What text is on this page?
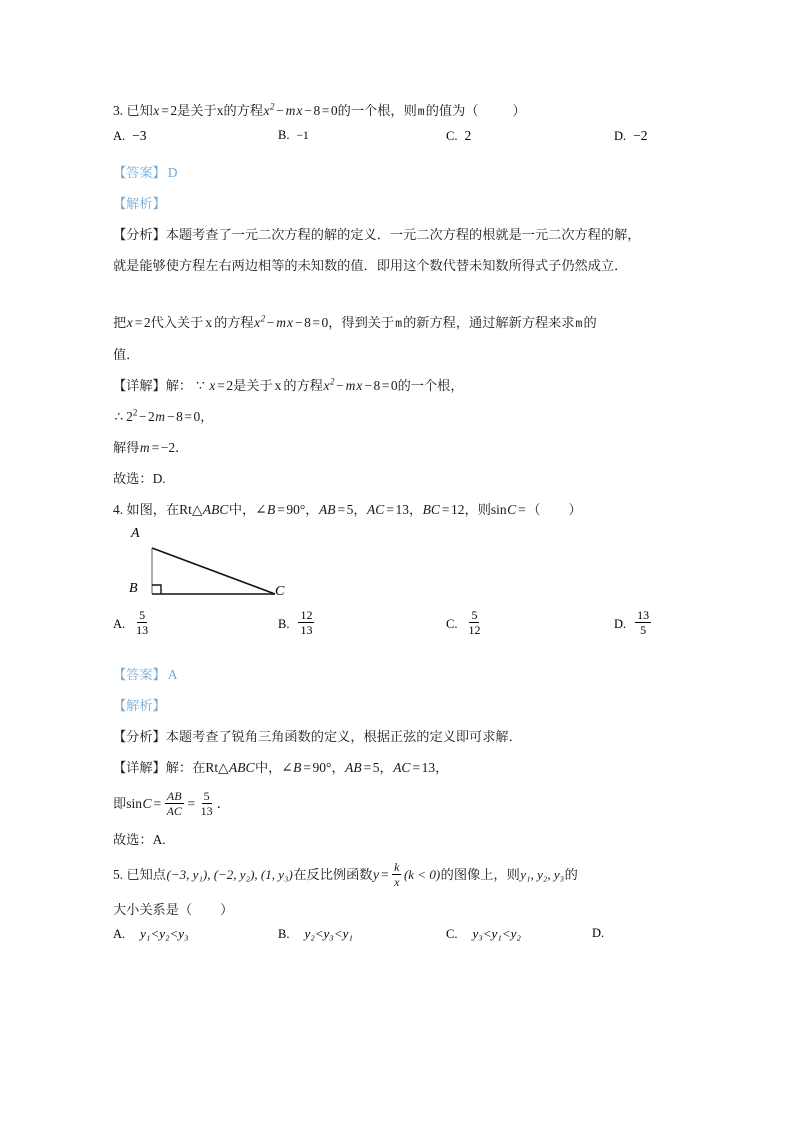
3. 已知x = 2是关于x的方程$x^2$ − mx − 8 = 0的一个根，则m的值为（	）
A. −3	B. −1	C. 2	D. −2
【答案】 D
【解析】
【分析】本题考查了一元二次方程的解的定义．一元二次方程的根就是一元二次方程的解，
就是能够使方程左右两边相等的未知数的值．即用这个数代替未知数所得式子仍然成立．
把x = 2代入关于 x 的方程$x^2$ − mx − 8 = 0，得到关于m的新方程，通过解新方程来求m的
值．
【详解】解： ∵ x = 2是关于 x 的方程$x^2$ − mx − 8 = 0的一个根，
∴ $2^2 - 2m - 8 = 0$，
解得m = −2．
故选：D.
4. 如图，在Rt△ABC中，∠B = 90°，AB = 5，AC = 13，BC = 12，则sinC = （ ）
A
B	C
A. $\frac{5}{13}$	B. $\frac{12}{13}$	C. $\frac{5}{12}$	D. $\frac{13}{5}$
【答案】 A
【解析】
【分析】本题考查了锐角三角函数的定义，根据正弦的定义即可求解．
【详解】解：在Rt△ABC中，∠B = 90°，AB = 5，AC = 13，
即$\sin C = \frac{AB}{AC} = \frac{5}{13}$ ．
故选：A.
5. 已知点(−3, y₁), (−2, y₂), (1, y₃)在反比例函数$y = \frac{k}{x} (k < 0)$的图像上，则y₁, y₂, y₃的
大小关系是（ ）
A.	y₁<y₂<y₃	B.	y₂<y₃<y₁	C.	y₃<y₁<y₂	D.
